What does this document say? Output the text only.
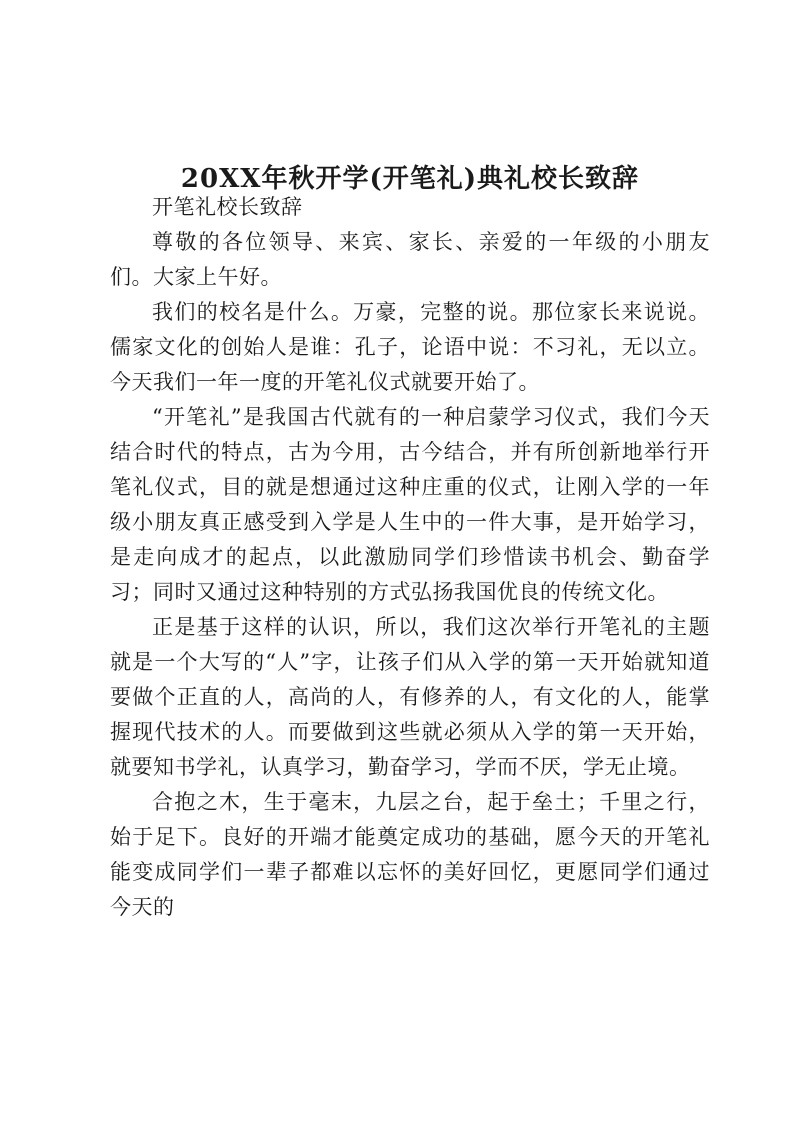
20XX年秋开学(开笔礼)典礼校长致辞

开笔礼校长致辞

尊敬的各位领导、来宾、家长、亲爱的一年级的小朋友们。大家上午好。

我们的校名是什么。万豪，完整的说。那位家长来说说。儒家文化的创始人是谁：孔子，论语中说：不习礼，无以立。今天我们一年一度的开笔礼仪式就要开始了。

“开笔礼”是我国古代就有的一种启蒙学习仪式，我们今天结合时代的特点，古为今用，古今结合，并有所创新地举行开笔礼仪式，目的就是想通过这种庄重的仪式，让刚入学的一年级小朋友真正感受到入学是人生中的一件大事，是开始学习，是走向成才的起点，以此激励同学们珍惜读书机会、勤奋学习；同时又通过这种特别的方式弘扬我国优良的传统文化。

正是基于这样的认识，所以，我们这次举行开笔礼的主题就是一个大写的“人”字，让孩子们从入学的第一天开始就知道要做个正直的人，高尚的人，有修养的人，有文化的人，能掌握现代技术的人。而要做到这些就必须从入学的第一天开始，就要知书学礼，认真学习，勤奋学习，学而不厌，学无止境。

合抱之木，生于毫末，九层之台，起于垒土；千里之行，始于足下。良好的开端才能奠定成功的基础，愿今天的开笔礼能变成同学们一辈子都难以忘怀的美好回忆，更愿同学们通过今天的
